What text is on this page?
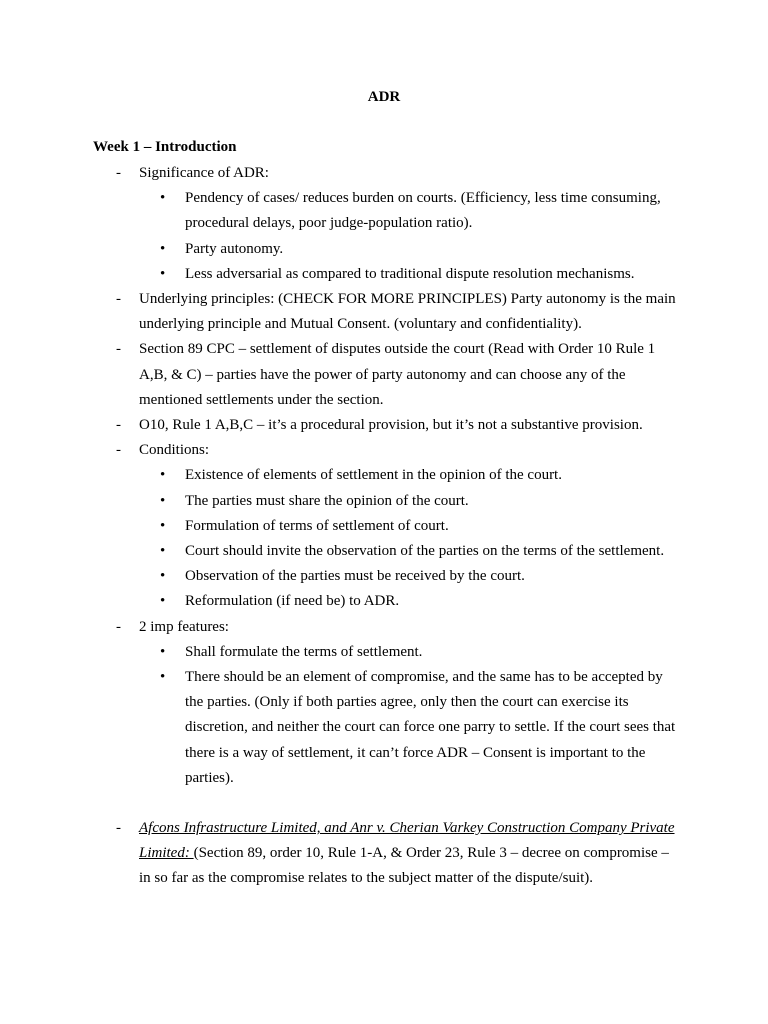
ADR
Week 1 – Introduction
- Significance of ADR:
• - Pendency of cases/ reduces burden on courts. (Efficiency, less time consuming, procedural delays, poor judge-population ratio).
• Party autonomy.
• Less adversarial as compared to traditional dispute resolution mechanisms.
- Underlying principles: (CHECK FOR MORE PRINCIPLES) Party autonomy is the main underlying principle and Mutual Consent. (voluntary and confidentiality).
- Section 89 CPC – settlement of disputes outside the court (Read with Order 10 Rule 1 A,B, & C) – parties have the power of party autonomy and can choose any of the mentioned settlements under the section.
- O10, Rule 1 A,B,C – it’s a procedural provision, but it’s not a substantive provision.
- Conditions:
• Existence of elements of settlement in the opinion of the court.
• The parties must share the opinion of the court.
• Formulation of terms of settlement of court.
• Court should invite the observation of the parties on the terms of the settlement.
• Observation of the parties must be received by the court.
• Reformulation (if need be) to ADR.
- 2 imp features:
• Shall formulate the terms of settlement.
• There should be an element of compromise, and the same has to be accepted by the parties. (Only if both parties agree, only then the court can exercise its discretion, and neither the court can force one parry to settle. If the court sees that there is a way of settlement, it can’t force ADR – Consent is important to the parties).
- Afcons Infrastructure Limited, and Anr v. Cherian Varkey Construction Company Private Limited: (Section 89, order 10, Rule 1-A, & Order 23, Rule 3 – decree on compromise – in so far as the compromise relates to the subject matter of the dispute/suit).
